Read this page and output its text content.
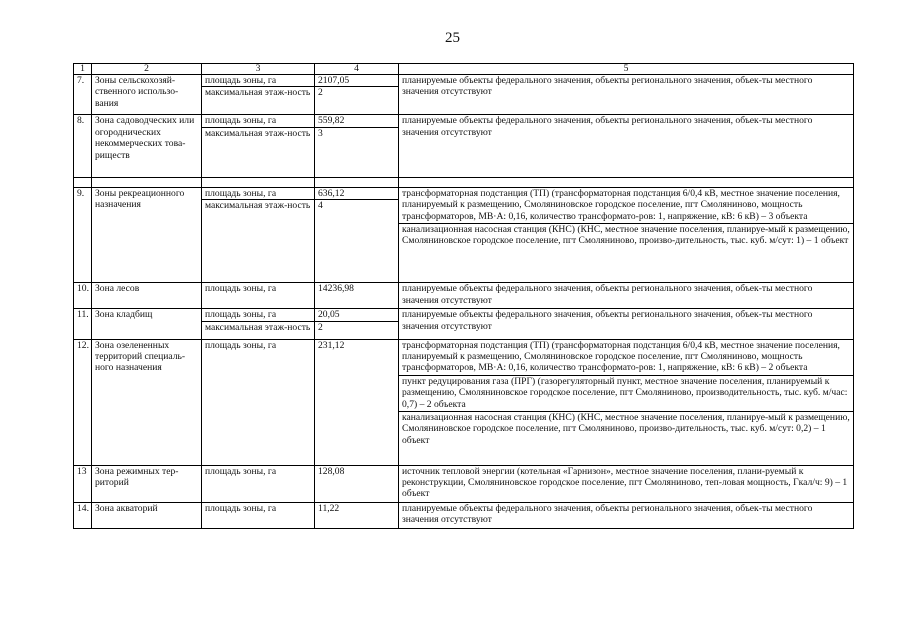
25
1	2	3	4	5
7.	Зоны сельскохозяй-ственного использо-вания	площадь зоны, га	2107,05	планируемые объекты федерального значения, объекты регионального значения, объек-ты местного значения отсутствуют

		максимальная этаж-ность	2	
8.	Зона садоводческих или огороднических некоммерческих това-риществ	площадь зоны, га	559,82	планируемые объекты федерального значения, объекты регионального значения, объек-ты местного значения отсутствуют

		максимальная этаж-ность	3	

9.	Зоны рекреационного назначения	площадь зоны, га	636,12	трансформаторная подстанция (ТП) (трансформаторная подстанция 6/0,4 кВ, местное значение поселения, планируемый к размещению, Смоляниновское городское поселение, пгт Смоляниново, мощность трансформаторов, МВ·А: 0,16, количество трансформато-ров: 1, напряжение, кВ: 6 кВ) – 3 объекта
канализационная насосная станция (КНС) (КНС, местное значение поселения, планируе-мый к размещению, Смоляниновское городское поселение, пгт Смоляниново, произво-дительность, тыс. куб. м/сут: 1) – 1 объект

		максимальная этаж-ность	4	
10.	Зона лесов	площадь зоны, га	14236,98	планируемые объекты федерального значения, объекты регионального значения, объек-ты местного значения отсутствуют

11.	Зона кладбищ	площадь зоны, га	20,05	планируемые объекты федерального значения, объекты регионального значения, объек-ты местного значения отсутствуют

		максимальная этаж-ность	2	
12.	Зона озелененных территорий специаль-ного назначения	площадь зоны, га	231,12	трансформаторная подстанция (ТП) (трансформаторная подстанция 6/0,4 кВ, местное значение поселения, планируемый к размещению, Смоляниновское городское поселение, пгт Смоляниново, мощность трансформаторов, МВ·А: 0,16, количество трансформато-ров: 1, напряжение, кВ: 6 кВ) – 2 объекта
пункт редуцирования газа (ПРГ) (газорегуляторный пункт, местное значение поселения, планируемый к размещению, Смоляниновское городское поселение, пгт Смоляниново, производительность, тыс. куб. м/час: 0,7) – 2 объекта
канализационная насосная станция (КНС) (КНС, местное значение поселения, планируе-мый к размещению, Смоляниновское городское поселение, пгт Смоляниново, произво-дительность, тыс. куб. м/сут: 0,2) – 1 объект

13	Зона режимных тер-риторий	площадь зоны, га	128,08	источник тепловой энергии (котельная «Гарнизон», местное значение поселения, плани-руемый к реконструкции, Смоляниновское городское поселение, пгт Смоляниново, теп-ловая мощность, Гкал/ч: 9) – 1 объект

14.	Зона акваторий	площадь зоны, га	11,22	планируемые объекты федерального значения, объекты регионального значения, объек-ты местного значения отсутствуют
